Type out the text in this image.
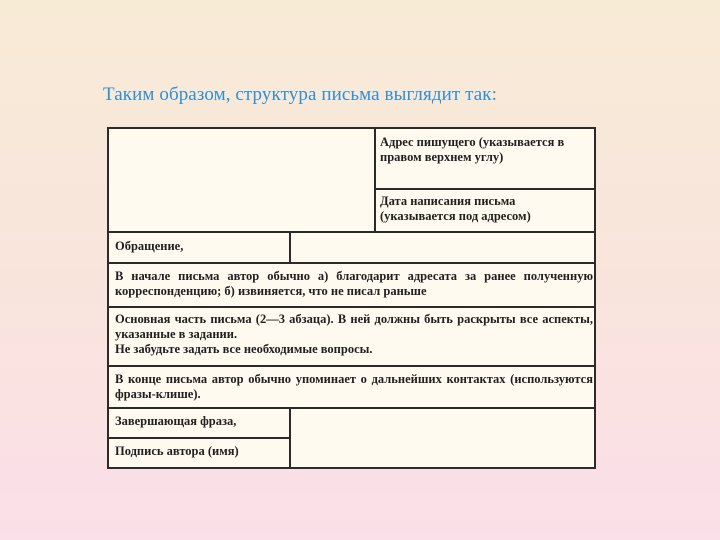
Таким образом, структура письма выглядит так:
Адрес пишущего (указывается в правом верхнем углу)
Дата написания письма (указывается под адресом)
Обращение,
В начале письма автор обычно а) благодарит адресата за ранее полученную корреспонденцию; б) извиняется, что не писал раньше
Основная часть письма (2—3 абзаца). В ней должны быть раскрыты все аспекты, указанные в задании.
Не забудьте задать все необходимые вопросы.
В конце письма автор обычно упоминает о дальнейших контактах (используются фразы-клише).
Завершающая фраза,
Подпись автора (имя)
